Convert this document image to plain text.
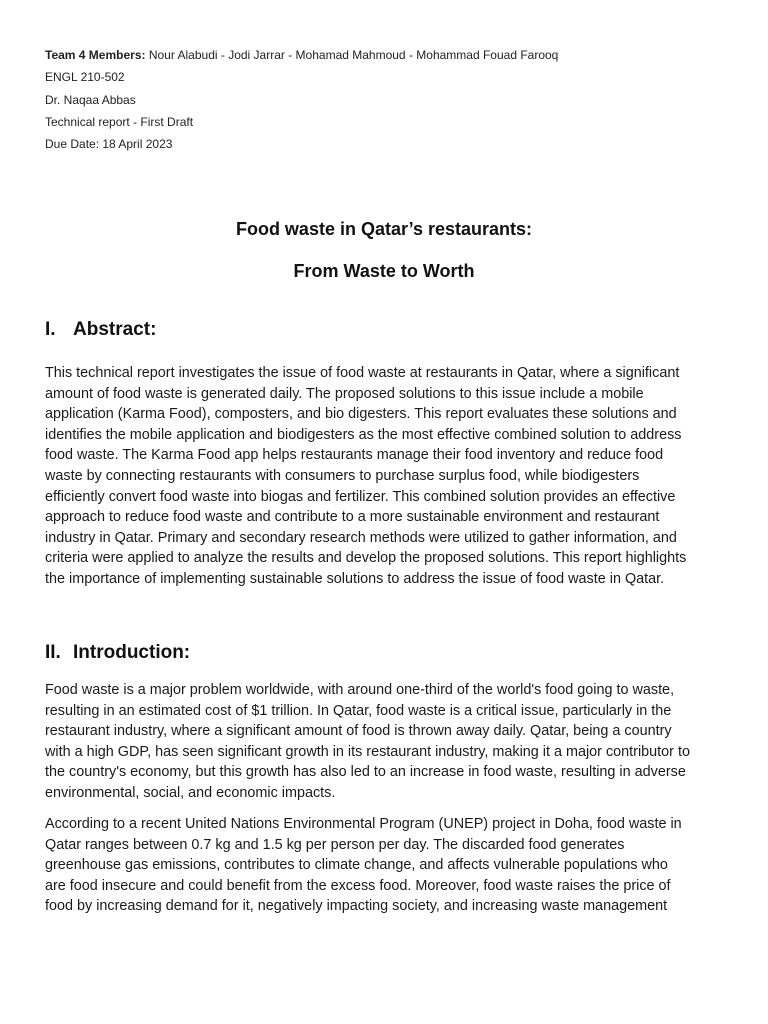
Team 4 Members: Nour Alabudi - Jodi Jarrar - Mohamad Mahmoud - Mohammad Fouad Farooq
ENGL 210-502
Dr. Naqaa Abbas
Technical report - First Draft
Due Date: 18 April 2023
Food waste in Qatar’s restaurants:
From Waste to Worth
I. Abstract:
This technical report investigates the issue of food waste at restaurants in Qatar, where a significant
amount of food waste is generated daily. The proposed solutions to this issue include a mobile
application (Karma Food), composters, and bio digesters. This report evaluates these solutions and
identifies the mobile application and biodigesters as the most effective combined solution to address
food waste. The Karma Food app helps restaurants manage their food inventory and reduce food
waste by connecting restaurants with consumers to purchase surplus food, while biodigesters
efficiently convert food waste into biogas and fertilizer. This combined solution provides an effective
approach to reduce food waste and contribute to a more sustainable environment and restaurant
industry in Qatar. Primary and secondary research methods were utilized to gather information, and
criteria were applied to analyze the results and develop the proposed solutions. This report highlights
the importance of implementing sustainable solutions to address the issue of food waste in Qatar.
II. Introduction:
Food waste is a major problem worldwide, with around one-third of the world's food going to waste,
resulting in an estimated cost of $1 trillion. In Qatar, food waste is a critical issue, particularly in the
restaurant industry, where a significant amount of food is thrown away daily. Qatar, being a country
with a high GDP, has seen significant growth in its restaurant industry, making it a major contributor to
the country's economy, but this growth has also led to an increase in food waste, resulting in adverse
environmental, social, and economic impacts.
According to a recent United Nations Environmental Program (UNEP) project in Doha, food waste in
Qatar ranges between 0.7 kg and 1.5 kg per person per day. The discarded food generates
greenhouse gas emissions, contributes to climate change, and affects vulnerable populations who
are food insecure and could benefit from the excess food. Moreover, food waste raises the price of
food by increasing demand for it, negatively impacting society, and increasing waste management
